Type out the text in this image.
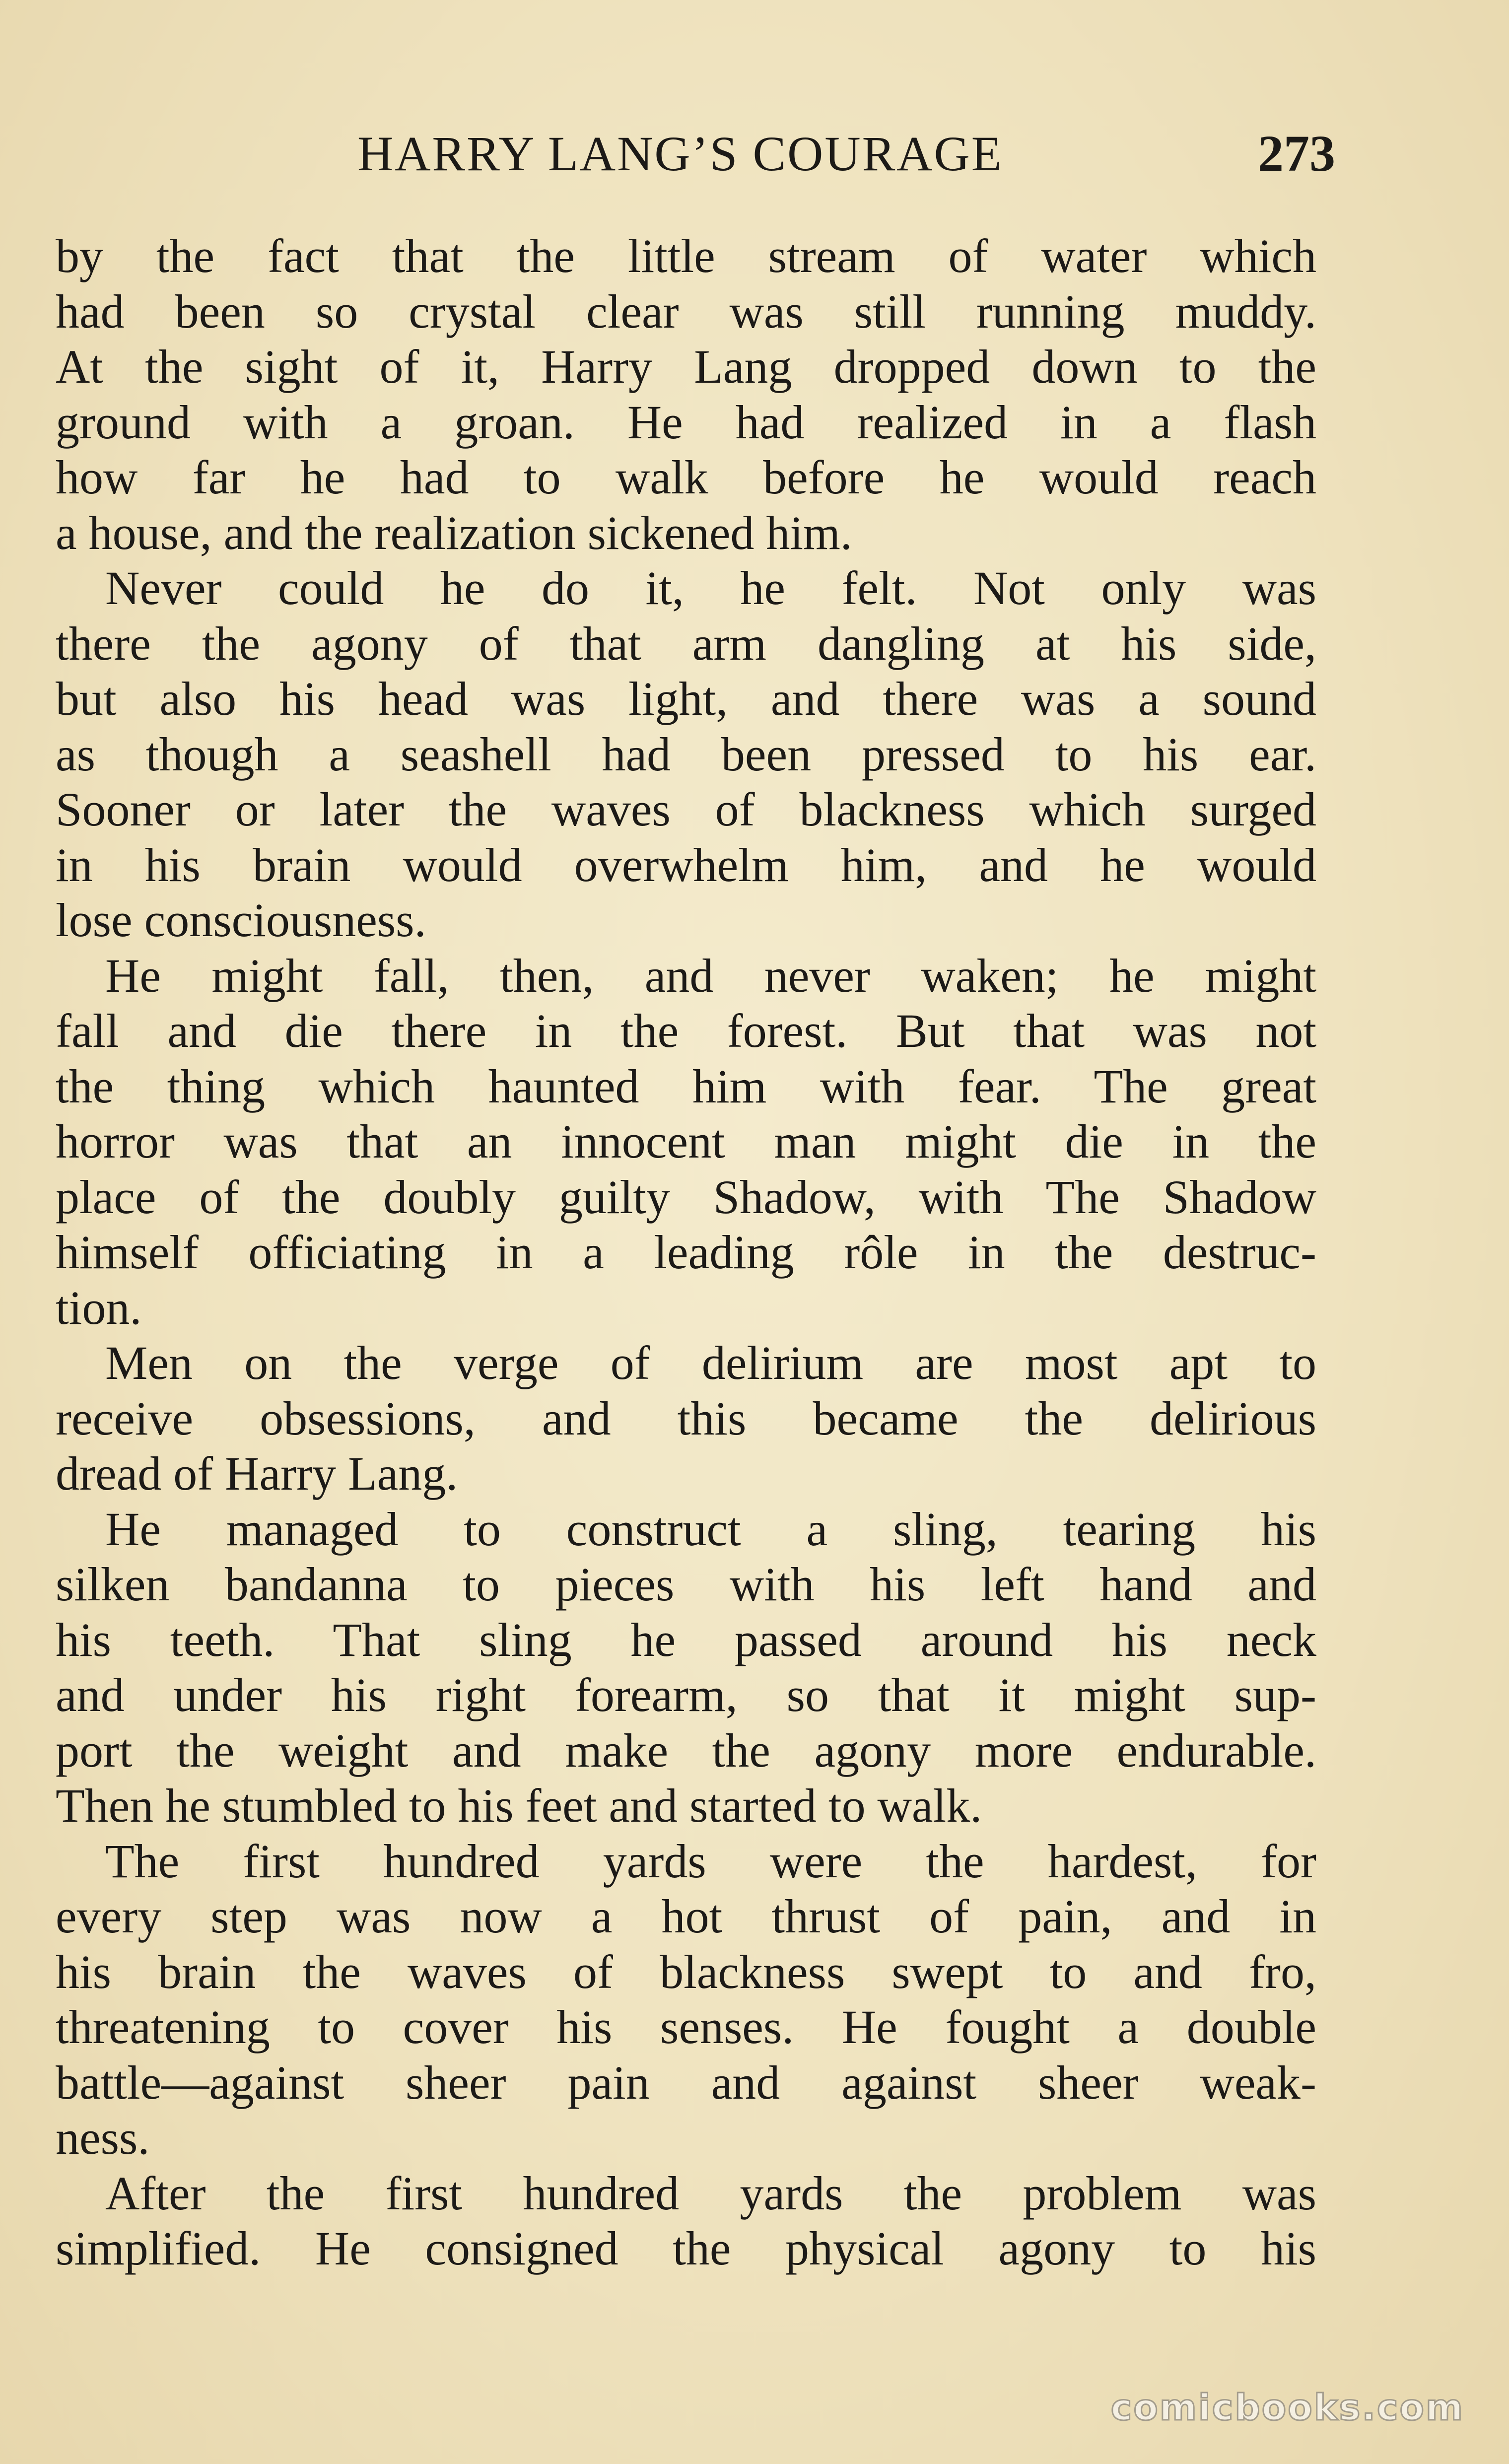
HARRY LANG’S COURAGE	273
by the fact that the little stream of water which
had been so crystal clear was still running muddy.
At the sight of it, Harry Lang dropped down to the
ground with a groan. He had realized in a flash
how far he had to walk before he would reach
a house, and the realization sickened him.
Never could he do it, he felt. Not only was
there the agony of that arm dangling at his side,
but also his head was light, and there was a sound
as though a seashell had been pressed to his ear.
Sooner or later the waves of blackness which surged
in his brain would overwhelm him, and he would
lose consciousness.
He might fall, then, and never waken; he might
fall and die there in the forest. But that was not
the thing which haunted him with fear. The great
horror was that an innocent man might die in the
place of the doubly guilty Shadow, with The Shadow
himself officiating in a leading rôle in the destruc-
tion.
Men on the verge of delirium are most apt to
receive obsessions, and this became the delirious
dread of Harry Lang.
He managed to construct a sling, tearing his
silken bandanna to pieces with his left hand and
his teeth. That sling he passed around his neck
and under his right forearm, so that it might sup-
port the weight and make the agony more endurable.
Then he stumbled to his feet and started to walk.
The first hundred yards were the hardest, for
every step was now a hot thrust of pain, and in
his brain the waves of blackness swept to and fro,
threatening to cover his senses. He fought a double
battle—against sheer pain and against sheer weak-
ness.
After the first hundred yards the problem was
simplified. He consigned the physical agony to his
comicbooks.com
